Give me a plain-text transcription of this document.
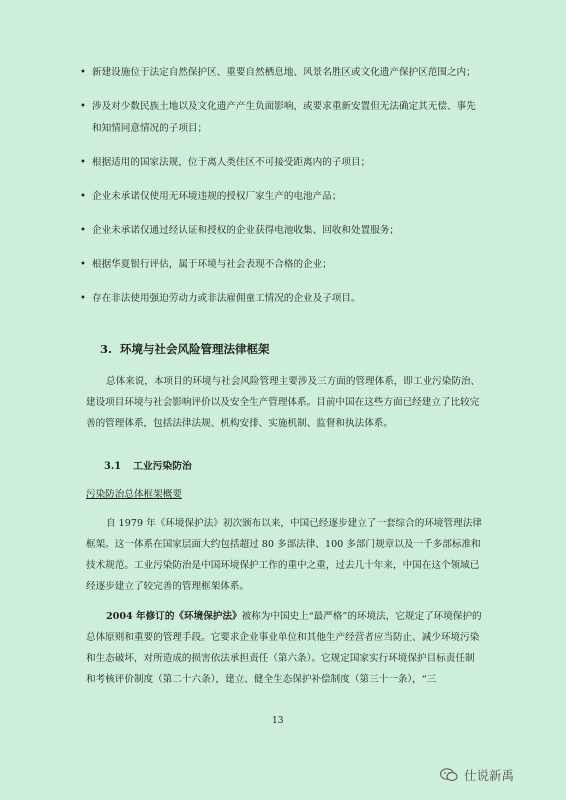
• 新建设施位于法定自然保护区、重要自然栖息地、风景名胜区或文化遗产保护区范围之内；
• 涉及对少数民族土地以及文化遗产产生负面影响，或要求重新安置但无法确定其无偿、事先和知情同意情况的子项目；
• 根据适用的国家法规，位于离人类住区不可接受距离内的子项目；
• 企业未承诺仅使用无环境违规的授权厂家生产的电池产品；
• 企业未承诺仅通过经认证和授权的企业获得电池收集、回收和处置服务；
• 根据华夏银行评估，属于环境与社会表现不合格的企业；
• 存在非法使用强迫劳动力或非法雇佣童工情况的企业及子项目。
3. 环境与社会风险管理法律框架
总体来说，本项目的环境与社会风险管理主要涉及三方面的管理体系，即工业污染防治、建设项目环境与社会影响评价以及安全生产管理体系。目前中国在这些方面已经建立了比较完善的管理体系，包括法律法规、机构安排、实施机制、监督和执法体系。
3.1 工业污染防治
污染防治总体框架概要
自 1979 年《环境保护法》初次颁布以来，中国已经逐步建立了一套综合的环境管理法律框架。这一体系在国家层面大约包括超过 80 多部法律、100 多部门规章以及一千多部标准和技术规范。工业污染防治是中国环境保护工作的重中之重，过去几十年来，中国在这个领域已经逐步建立了较完善的管理框架体系。
2004 年修订的《环境保护法》被称为中国史上“最严格”的环境法，它规定了环境保护的总体原则和重要的管理手段。它要求企业事业单位和其他生产经营者应当防止、减少环境污染和生态破坏，对所造成的损害依法承担责任（第六条）。它规定国家实行环境保护目标责任制和考核评价制度（第二十六条），建立、健全生态保护补偿制度（第三十一条），“三
13
仕说新禹
